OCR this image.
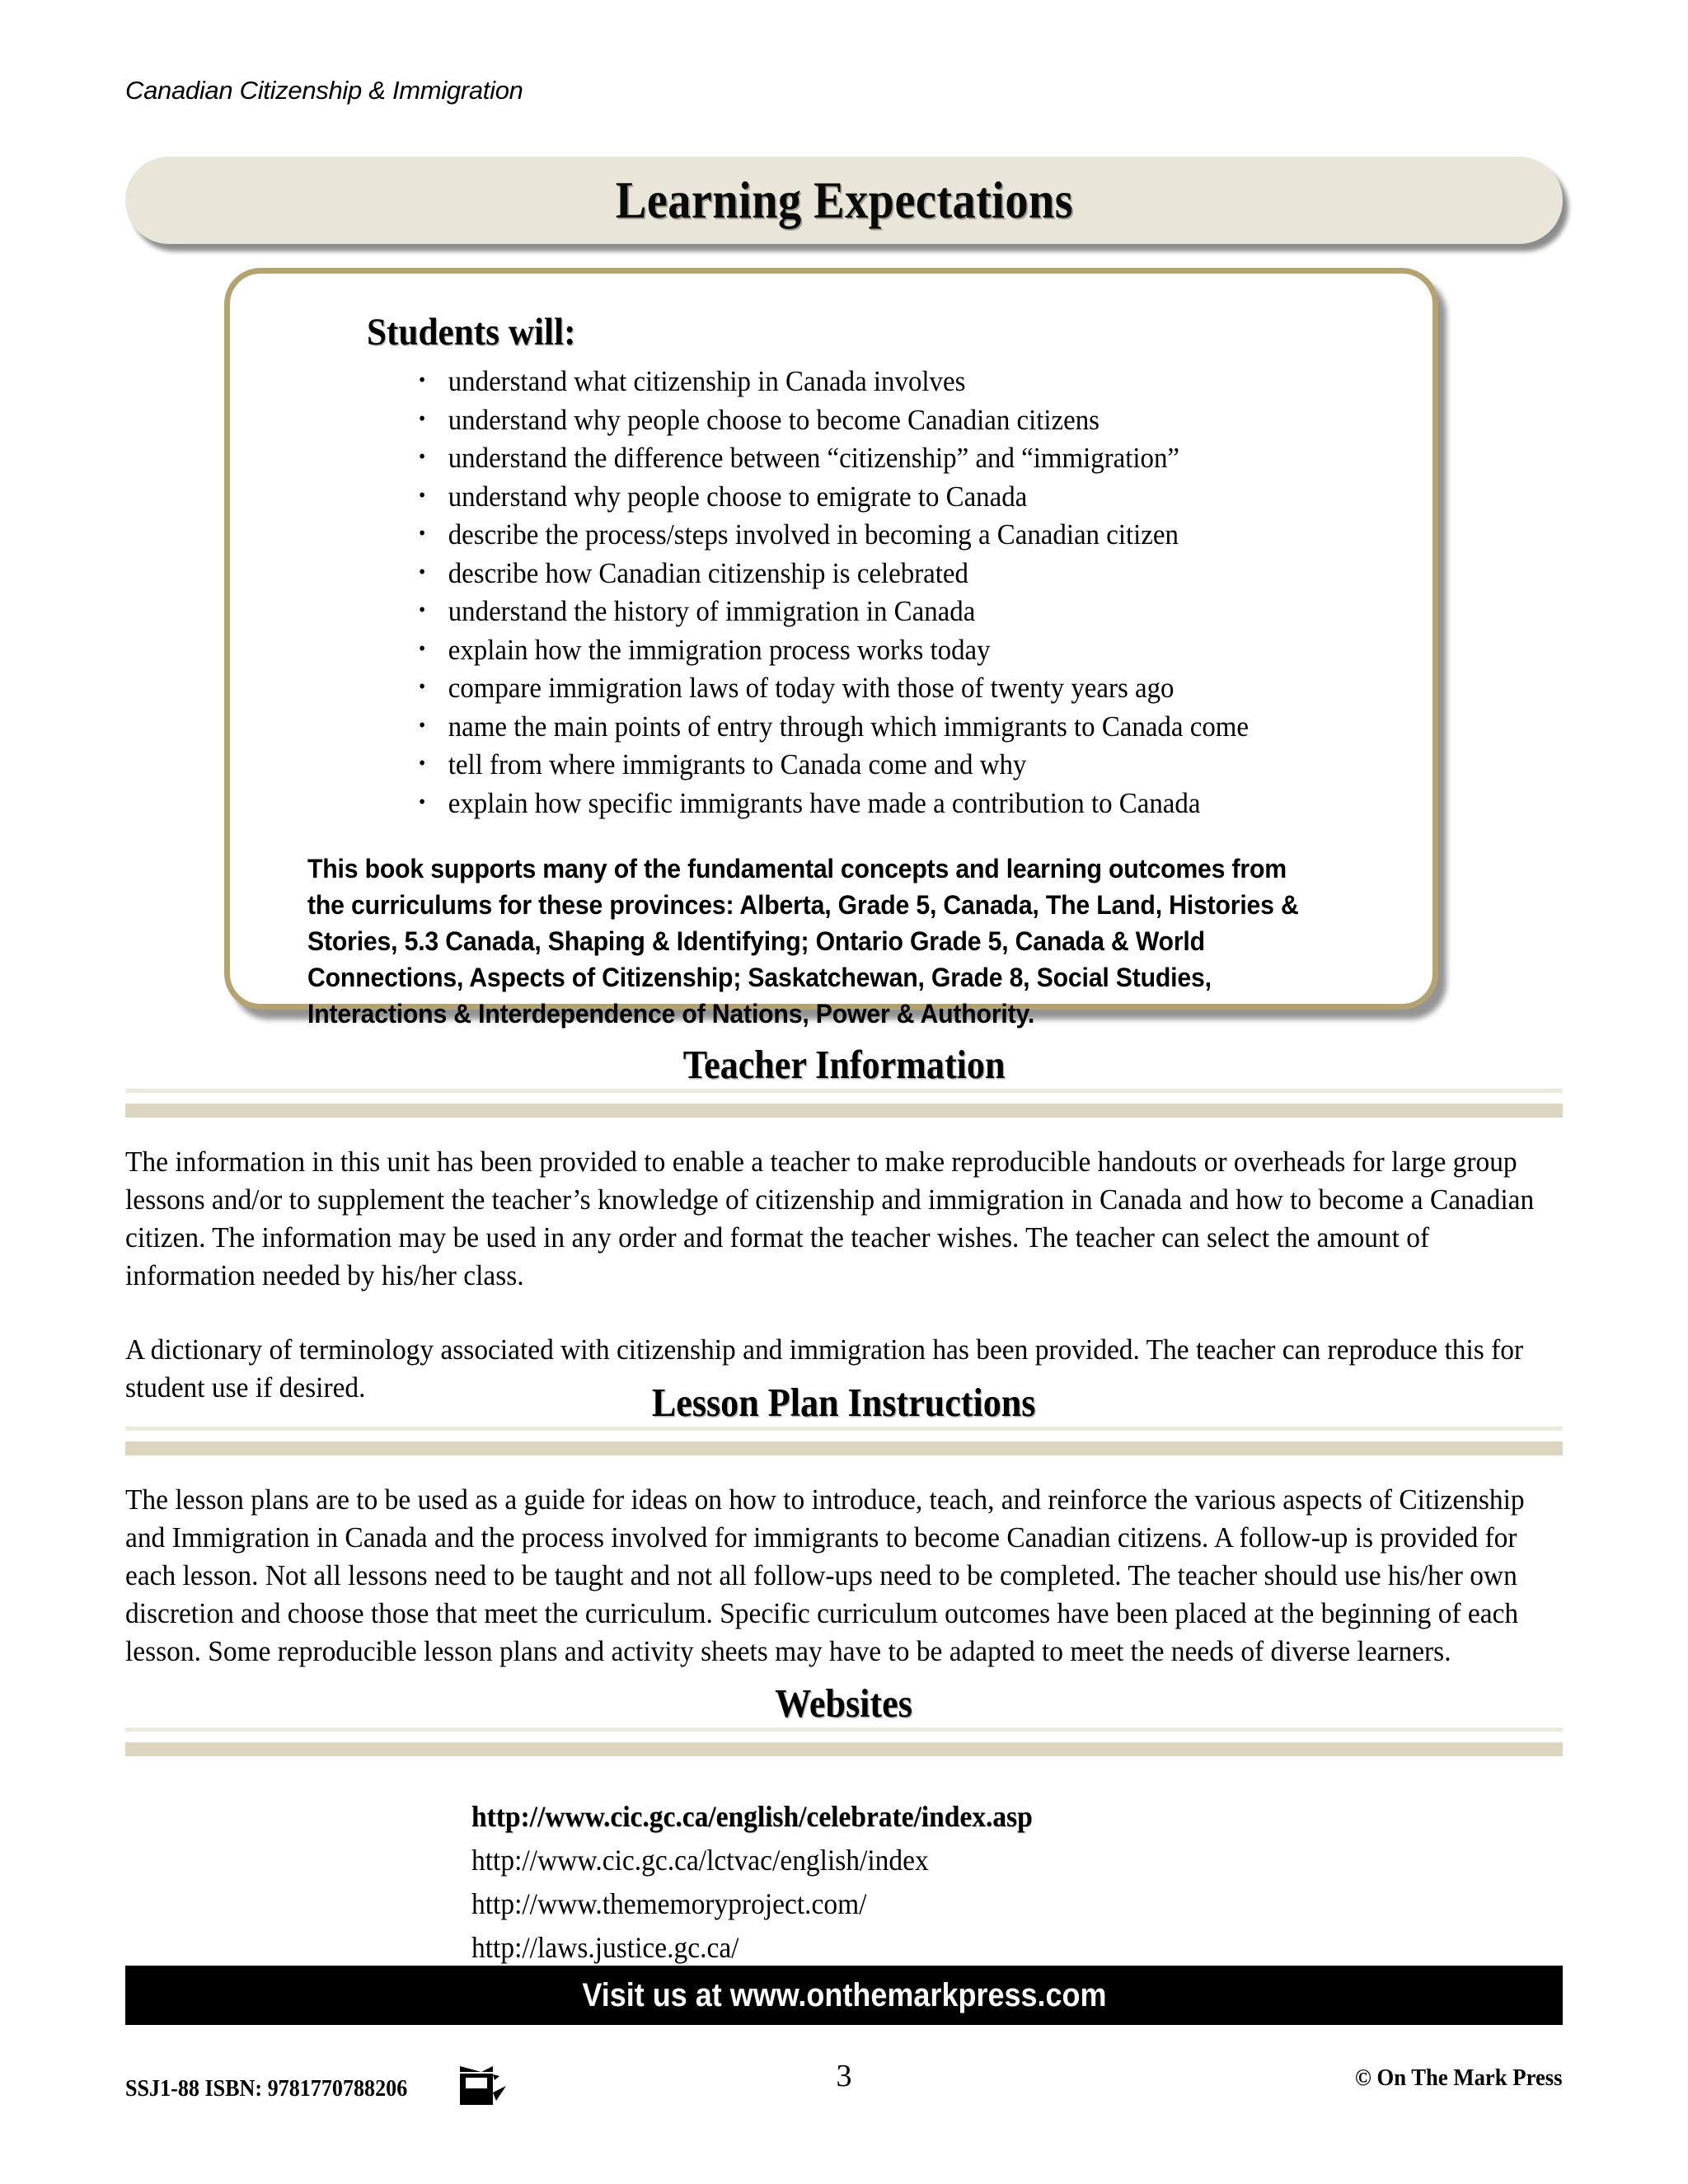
Canadian Citizenship & Immigration
Learning Expectations
Students will:
• understand what citizenship in Canada involves
• understand why people choose to become Canadian citizens
• understand the difference between “citizenship” and “immigration”
• understand why people choose to emigrate to Canada
• describe the process/steps involved in becoming a Canadian citizen
• describe how Canadian citizenship is celebrated
• understand the history of immigration in Canada
• explain how the immigration process works today
• compare immigration laws of today with those of twenty years ago
• name the main points of entry through which immigrants to Canada come
• tell from where immigrants to Canada come and why
• explain how specific immigrants have made a contribution to Canada
This book supports many of the fundamental concepts and learning outcomes from the curriculums for these provinces: Alberta, Grade 5, Canada, The Land, Histories & Stories, 5.3 Canada, Shaping & Identifying; Ontario Grade 5, Canada & World Connections, Aspects of Citizenship; Saskatchewan, Grade 8, Social Studies, Interactions & Interdependence of Nations, Power & Authority.
Teacher Information

The information in this unit has been provided to enable a teacher to make reproducible handouts or overheads for large group lessons and/or to supplement the teacher’s knowledge of citizenship and immigration in Canada and how to become a Canadian citizen. The information may be used in any order and format the teacher wishes. The teacher can select the amount of information needed by his/her class.

A dictionary of terminology associated with citizenship and immigration has been provided. The teacher can reproduce this for student use if desired.	Lesson Plan Instructions

The lesson plans are to be used as a guide for ideas on how to introduce, teach, and reinforce the various aspects of Citizenship and Immigration in Canada and the process involved for immigrants to become Canadian citizens. A follow-up is provided for each lesson. Not all lessons need to be taught and not all follow-ups need to be completed. The teacher should use his/her own discretion and choose those that meet the curriculum. Specific curriculum outcomes have been placed at the beginning of each lesson. Some reproducible lesson plans and activity sheets may have to be adapted to meet the needs of diverse learners.

Websites
http://www.cic.gc.ca/english/celebrate/index.asp
http://www.cic.gc.ca/lctvac/english/index
http://www.thememoryproject.com/
http://laws.justice.gc.ca/
Visit us at www.onthemarkpress.com
SSJ1-88 ISBN: 9781770788206	3	© On The Mark Press
